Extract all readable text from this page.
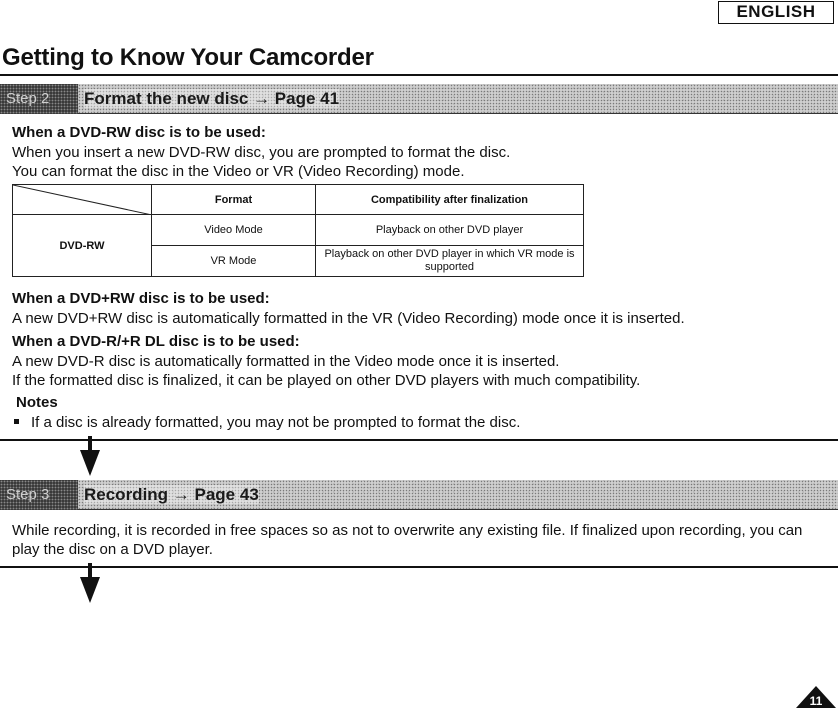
ENGLISH
Getting to Know Your Camcorder
Step 2	Format the new disc → Page 41
When a DVD-RW disc is to be used:
When you insert a new DVD-RW disc, you are prompted to format the disc.
You can format the disc in the Video or VR (Video Recording) mode.
	Format	Compatibility after finalization
DVD-RW	Video Mode	Playback on other DVD player
	VR Mode	Playback on other DVD player in which VR mode is supported
When a DVD+RW disc is to be used:
A new DVD+RW disc is automatically formatted in the VR (Video Recording) mode once it is inserted.
When a DVD-R/+R DL disc is to be used:
A new DVD-R disc is automatically formatted in the Video mode once it is inserted.
If the formatted disc is finalized, it can be played on other DVD players with much compatibility.
Notes
If a disc is already formatted, you may not be prompted to format the disc.
Step 3	Recording → Page 43
While recording, it is recorded in free spaces so as not to overwrite any existing file. If finalized upon recording, you can
play the disc on a DVD player.
11
